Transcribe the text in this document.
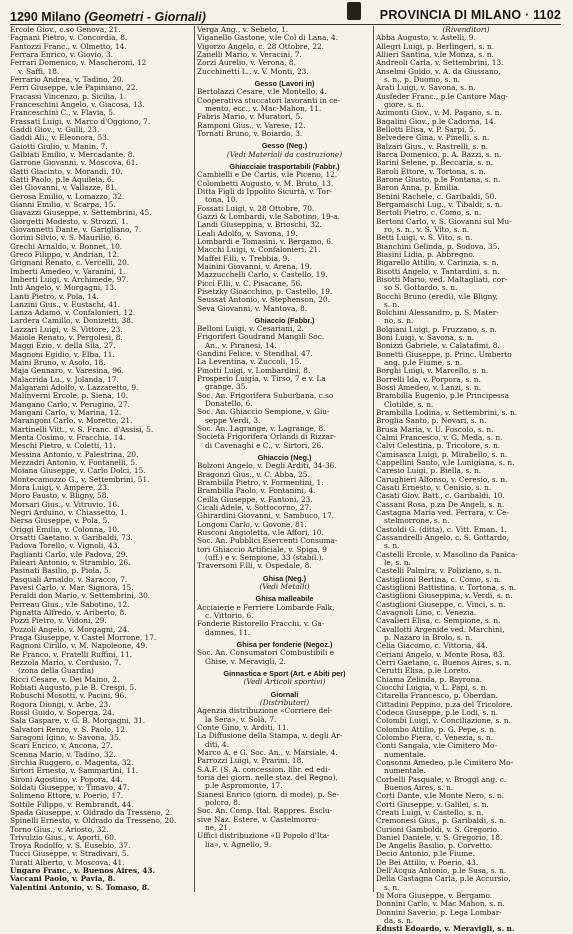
1290 Milano (Geometri - Giornali)	PROVINCIA DI MILANO · 1102
Ercole Giov., c.so Genova, 21.
Fagnani Pietro, v. Concordia, 8.
Fantozzi Franc., v. Olmetto, 14.
Ferrara Enrico, v. Giovio, 3.
Ferrari Domenico, v. Mascheroni, 12
v. Saffi, 18.
Ferrario Andrea, v. Tadino, 20.
Ferri Giuseppe, v.le Papiniano, 22.
Fracassi Vincenzo, p. Sicilia, 1.
Franceschini Angelo, v. Giacosa, 13.
Franceschini C., v. Flavia, 5.
Frassati Luigi, v. Marco d'Oggiono, 7.
Gaddi Giov., v. Gulli, 23.
Gaddi Ali., v. Eleonora, 53.
Gaiotti Giulio, v. Manin, 7.
Galbiati Emilio, v. Mercadante, 8.
Garrone Giovanni, v. Moscova, 61.
Gatti Giacinto, v. Morandi, 10.
Gatti Paolo, p.le Aquileia, 6.
Gei Giovanni, v. Vallazze, 81.
Gerosa Emilio, v. Lomazzo, 32.
Gianni Emilio, v. Scarpa, 15.
Giavazzi Giuseppe, v. Settembrini, 45.
Giorgetti Modesto, v. Strozzi, 1.
Giovannetti Dante, v. Garigliano, 7.
Gorini Silvio, v. S. Maurilio, 6.
Grechi Arnaldo, v. Bonnet, 10.
Greco Filippo, v. Andrian, 12.
Grignani Renato, c. Vercelli, 20.
Imberti Amedeo, v. Varanini, 1.
Imberti Luigi, v. Archimede, 97.
Inti Angelo, v. Morgagni, 13.
Lanti Pietro, v. Pola, 14.
Lanzini Gius., v. Eustachi, 41.
Lanza Adamo, v. Confalonieri, 12.
Lardera Camillo, v. Donizetti, 38.
Lazzari Luigi, v. S. Vittore, 23.
Maiole Renato, v. Pergolesi, 8.
Maggi Ezio, v. della Sila, 27.
Magnoni Egidio, v. Elba, 11.
Maini Bruno, v. Asolo, 18.
Maja Gennaro, v. Varesina, 96.
Malacrida Lu., v. Jolanda, 17.
Malgarani Adolfo, v. Lazzaretto, 9.
Malinverni Ercole, p. Siena, 10.
Mangano Carlo, v. Perugino, 27.
Mangani Carlo, v. Marina, 12.
Marangoni Carlo, v. Moretto, 21.
Martinelli Vitt., v. S. Franc. d'Assisi, 5.
Menta Cosimo, v. Fracchia, 14.
Meschi Pietro, v. Coletti, 11.
Messina Antonio, v. Palestrina, 20.
Mezzadri Antonio, v. Fontanelli, 5.
Moiana Giuseppe, v. Carlo Dolci, 15.
Montecamozzo G., v. Settembrini, 51.
Mora Luigi, v. Ampère, 23.
Moro Fausto, v. Bligny, 58.
Morsari Gius., v. Vitruvio, 16.
Negri Arduino, v. Chiassetto, 1.
Nersa Giuseppe, v. Pola, 5.
Origgi Emilio, v. Colonna, 10.
Orsatti Gaetano, v. Garibaldi, 73.
Padova Torello, v. Vignoli, 43.
Paglianti Carlo, v.le Padova, 29.
Paleari Antonio, v. Strambio, 26.
Pasinati Basilio, p. Piola, 5.
Pasquali Arnaldo, v. Saracco, 7.
Pavesi Carlo, v. Mar. Signora, 15.
Peraldi don Mario, v. Settembrini, 30.
Perreau Gius., v.le Sabotino, 12.
Pignatta Alfredo, v. Ariberto, 8.
Pozzi Pietro, v. Vidoni, 29.
Pozzoli Angelo, v. Morgagni, 24.
Praga Giuseppe, v. Castel Morrone, 17.
Ragnoni Cirillo, v. M. Napoleone, 49.
Re Franco, v. Fratelli Ruffini, 11.
Rezzola Mario, v. Cordusio, 7.
(zona della Guardia)
Ricci Cesare, v. Dei Maino, 2.
Robiati Augusto, p.le B. Crespi, 5.
Robuschi Mosotti, v. Pacini, 96.
Rogora Diongi, v. Arbe, 23.
Rossi Guido, v. Soperga, 24.
Sala Gaspare, v. G. B. Morgagni, 31.
Salvatori Renzo, v. S. Paolo, 12.
Saragoni Igino, v. Savona, 35.
Scari Enrico, v. Ancona, 27.
Scenna Mario, v. Tadino, 32.
Sirchia Ruggero, c. Magenta, 32.
Sirtori Ernesto, v. Sammartini, 11.
Sironi Agostino, v. Popora, 44.
Soldati Giuseppe, v. Timavo, 47.
Solimeno Ettore, v. Poerio, 17.
Sottile Filippo, v. Rembrandt, 44.
Spada Giuseppe, v. Oldrado da Tresseno, 2.
Spinelli Ernesto, v. Oldrado da Tresseno, 20.
Torno Gius., v. Ariosto, 32.
Trivulzio Gius., v. Aporti, 60.
Troya Rodolfo, v. S. Eusebio, 37.
Tucci Giuseppe, v. Stradivari, 5.
Turati Alberto, v. Moscova, 41.
Ungaro Franc., v. Buenos Aires, 43.
Vaccani Paolo, v. Pavia, 8.
Valentini Antonio, v. S. Tomaso, 8.
Verga Ang., v. Sebeto, 1.
Viganello Gastone, v.le Col di Lana, 4.
Vigorzo Angelo, c. 28 Ottobre, 22.
Zanelli Mario, v. Veracini, 7.
Zorzi Aurelio, v. Verona, 8.
Zucchinetti L., v. V. Monti, 23.
Gesso (Lavori in)
Bertolazzi Cesare, v.le Montello, 4.
Cooperativa stuccatori lavoranti in ce-
mento, ecc., v. Mac-Mahon, 11.
Fabris Mario, v. Muratori, 5.
Ramponi Gius., v. Varese, 12.
Tornati Bruno, v. Boiardo, 3.
Gesso (Neg.)
(Vedi Materiali da costruzione)
Ghiacciaie trasportabili (Fabbr.)
Cambielli e De Cartis, v.le Piceno, 12.
Colombetti Augusto, v. M. Bruto, 13.
Ditta Figli di Ippolito Sicurtà, v. Tor-
tona, 10.
Fossati Luigi, v. 28 Ottobre, 70.
Gazzi & Lombardi, v.le Sabotino, 19-a.
Landi Giuseppina, v. Brioschi, 32.
Leali Adolfo, v. Savona, 19.
Lombardi e Tomasini, v. Bergamo, 6.
Macchi Luigi, v. Confalonieri, 21.
Maffei F.lli, v. Trebbia, 9.
Mainini Giovanni, v. Arena, 19.
Mazzucchelli Carlo, v. Castello, 19.
Picci F.lli, v. C. Pisacane, 56.
Pisetzky Gioacchino, p. Castello, 19.
Seussat Antonio, v. Stephenson, 20.
Seva Giovanni, v. Mantova, 8.
Ghiaccio (Fabbr.)
Belloni Luigi, v. Cesariani, 2.
Frigoriferi Goudrand Mangili Soc.
An., v. Piranesi, 14.
Gandini Felice, v. Stendhal, 47.
La Leventina, v. Zuccoli, 15.
Pinotti Luigi, v. Lombardini, 8.
Prosperio Luigia, v. Tirso, 7 e v. La
grange, 35.
Soc. An. Frigorifera Suburbana, c.so
Donatello, 6.
Soc. An. Ghiaccio Sempione, v. Giu-
seppe Verdi, 3.
Soc. An. Lagrange, v. Lagrange, 8.
Società Frigorifera Orlandi di Rizzar-
di Cavenaghi e C., v. Sirtori, 26.
Ghiaccio (Neg.)
Bolzoni Angelo, v. Degli Arditi, 34-36.
Bragonzi Gius., v. C. Abba, 25.
Brambilla Pietro, v. Formentini, 1.
Brambilla Paolo, v. Fontanini, 4.
Ceilla Giuseppe, v. Fantoni, 23.
Cicali Adele, v. Sottocorno, 27.
Ghirardini Giovanni, v. Sambuco, 17.
Longoni Carlo, v. Govone, 81.
Rusconi Angioletta, v.le Affori, 10.
Soc. An. Pubblici Esercenti Consuma-
tori Ghiaccio Artificiale, v. Spiga, 9
(uff.) e v. Sempione, 33 (stabil.).
Traversoni F.lli, v. Ospedale, 8.
Ghisa (Neg.)
(Vedi Metalli)
Ghisa malleabile
Acciaierie e Ferriere Lombarde Falk,
c. Vittorio, 6.
Fonderie Ristorello Fracchi, v. Ga-
damnes, 11.
Ghisa per fonderie (Negoz.)
Soc. An. Consumatori Combustibili e
Ghise, v. Meravigli, 2.
Ginnastica e Sport (Art. e Abiti per)
(Vedi Articoli sportivi)
Giornali
(Distributori)
Agenzia distribuzione «Corriere del-
la Sera», v. Solà, 7.
Conte Gino, v. Arditi, 11.
La Diffusione della Stampa, v. degli Ar-
diti, 4.
Marco A. e G. Soc. An., v. Marsiale, 4.
Parrozzi Luigi, v. Prarini, 18.
S.A.F. (S. A. concession. libr. ed edi-
toria dei giorn. nelle staz. del Regno),
p.le Aspromonte, 17.
Sianesi Enrico (giorn. di mode), p. Se-
polcro, 8.
Soc. An. Comp. Ital. Rappres. Esclu-
sive Naz. Estere, v. Castelmorro-
ne, 21.
Uffici distribuzione «Il Popolo d'Ita-
lia», v. Agnello, 9.
(Rivenditori)
Abba Augusto, v. Astelli, 9.
Allegri Luigi, p. Berlingeri, s. n.
Allieri Santina, v.le Monza, s. n.
Andreoli Carla, v. Settembrini, 13.
Anselmi Guido, v. A. da Giussano,
s. n., p. Duomo, s. n.
Arati Luigi, v. Savona, s. n.
Ausfeder Franc., p.le Cantore Mag-
giore, s. n.
Azimonti Giov., v. M. Pagano, s. n.
Bagalini Giov., p.le Cadorna, 14.
Bellotti Elisa, v. P. Sarpi, 5.
Belvedere Gina, v. Pinelli, s. n.
Balzari Gius., v. Rastrelli, s. n.
Barca Domenico, p. A. Bazzi, s. n.
Barini Selene, p. Beccaria, s. n.
Baroli Ettore, v. Tortona, s. n.
Barone Giusto, p.le Fontana, s. n.
Baron Anna, p. Emilia.
Benini Rachele, c. Garibaldi, 50.
Bergamaschi Lug., v. Tibaldi, s. n.
Bertoli Pietro, c. Como, s. n.
Bertoni Carlo, v. S. Giovanni sul Mu-
ro, s. n., v. S. Vito, s. n.
Betti Luigi, v. S. Vito, s. n.
Bianchini Gelinda, p. Sodova, 35.
Biasini Lidia, p. Abbregno.
Bigarello Attilio, v. Carinzia, s. n.
Bisotti Angelo, v. Tantardini, s. n.
Bisotti Mario, ved. Maltagliati, cor-
so S. Gottardo, s. n.
Bocchi Bruno (eredi), v.le Bligny,
s. n.
Bolchini Alessandro, p. S. Mater-
no, s. n.
Bolgiani Luigi, p. Fruzzano, s. n.
Boni Luigi, v. Savona, s. n.
Bonizzi Gabriele, v. Calatafimi, 8.
Bonetti Giuseppe, p. Princ. Umberto
ang. p.le Fiume, s. n.
Borghi Luigi, v. Marcello, s. n.
Borrelli Ida, v. Porpora, s. n.
Bossi Amedeo, v. Lanzi, s. n.
Brambilla Eugenio, p.le Principessa
Clotilde, s. n.
Brambilla Lodina, v. Settembrini, s. n.
Broglia Santo, p. Novari, s. n.
Brusa Maria, v. U. Foscolo, s. n.
Calmi Francesco, v. G. Meda, s. n.
Calvi Celestina, p. Tricolore, s. n.
Camisasca Luigi, p. Mirabello, s. n.
Cappellini Santo, v.le Lunigiana, s. n.
Caresio Luigi, p. Biella, s. n.
Carughieri Alfonso, v. Ceresio, s. n.
Casati Ernesto, v. Cenisio, s. n.
Casati Giov. Batt., c. Garibaldi, 10.
Cassani Rosa, p.za De Angeli, s. n.
Castagna Maria ved. Ferrara, v. Ce-
stelmorrone, s. n.
Castoldi G. (ditta), c. Vitt. Eman. 1.
Cassandrelli Angelo, c. S. Gottardo,
s. n.
Castelli Ercole, v. Masolino da Panica-
le, s. n.
Castelli Palmira, v. Poliziano, s. n.
Castiglioni Bertina, c. Como, s. n.
Castiglioni Battistina, v. Tortona, s. n.
Castiglioni Giuseppina, v. Verdi, s. n.
Castiglioni Giuseppe, c. Vinci, s. n.
Cavagnoli Lino, c. Venezia.
Cavalieri Elisa, c. Sempione, s. n.
Cavallotti Argenide ved. Marchini,
p. Nazaro in Brolo, s. n.
Celia Giacomo, c. Vittoria, 44.
Ceriani Angelo, v. Monte Rosa, 83.
Cerri Gaetano, c. Buenos Aires, s. n.
Cerutti Elisa, p.le Loreto.
Chiama Zelinda, p. Bayrona.
Ciocchi Luigia, v. L. Papi, s. n.
Citarella Francesco, p. Oberdan.
Cittadini Peppino, p.za del Tricolore.
Codeca Giuseppe, p.le Lodi, s. n.
Colombi Luigi, v. Conciliazione, s. n.
Colombo Attilio, p. G. Pepe, s. n.
Colombo Piera, c. Venezia, s. n.
Conti Sangala, v.le Cimitero Mo-
numentale.
Consonni Amedeo, p.le Cimitero Mo-
numentale.
Corbelli Pasquale, v. Broggi ang. c.
Buenos Aires, s. n.
Corti Dante, v.le Monte Nero, s. n.
Corti Giuseppe, v. Galilei, s. n.
Creati Luigi, v. Castello, s. n.
Cremonesi Gius., p. Garibaldi, s. n.
Curioni Gamboldi, v. S. Gregorio.
Daniel Daniele, v. S. Gregorio, 18.
De Angelis Basilio, p. Corvetto.
Decio Antonio, p.le Fiume.
De Bei Attilio, v. Poerio, 43.
Dell'Acqua Antonio, p.le Susa, s. n.
Della Castagna Carla, p.le Accursio,
s. n.
Di Mora Giuseppe, v. Bergamo.
Donnini Carlo, v. Mac Mahon, s. n.
Donnini Saverio, p. Lega Lombar-
da, s. n.
Edusti Edoardo, v. Meravigli, s. n.
